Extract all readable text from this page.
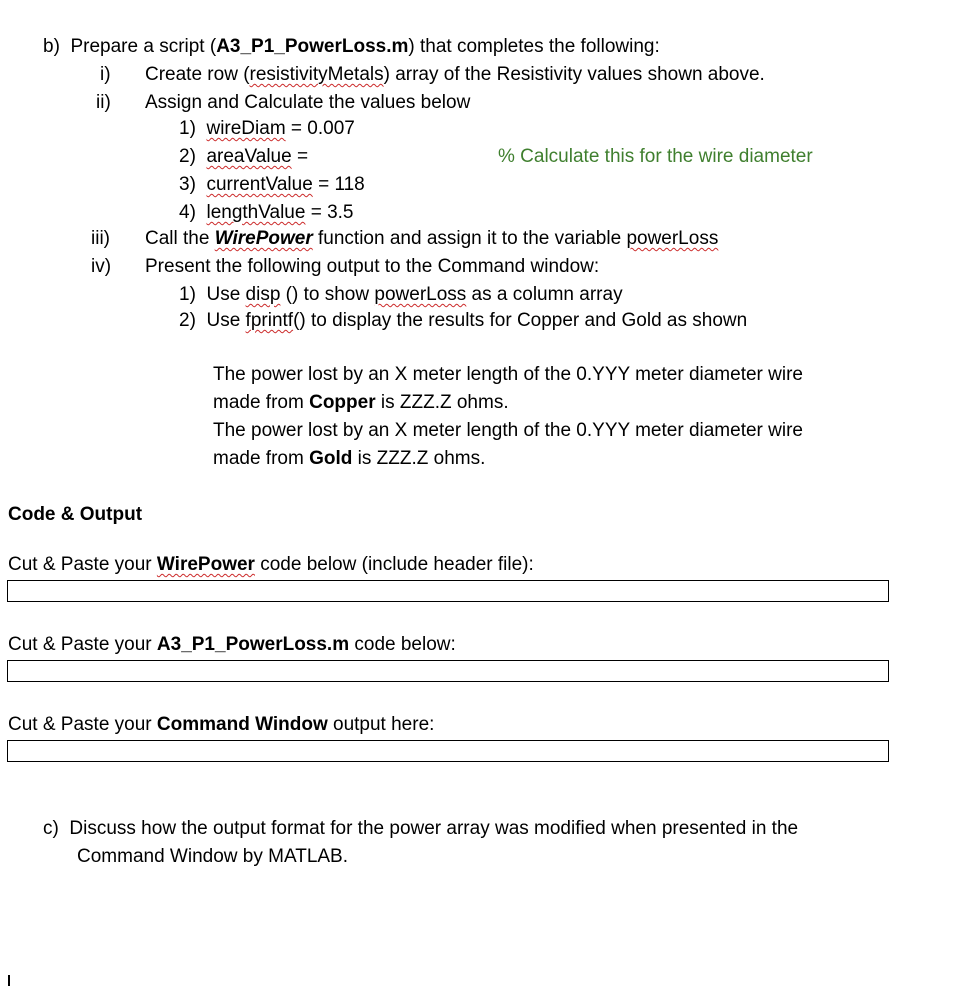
b) Prepare a script (A3_P1_PowerLoss.m) that completes the following:
i) Create row (resistivityMetals) array of the Resistivity values shown above.
ii) Assign and Calculate the values below
1) wireDiam = 0.007
2) areaValue =	% Calculate this for the wire diameter
3) currentValue = 118
4) lengthValue = 3.5
iii) Call the WirePower function and assign it to the variable powerLoss
iv) Present the following output to the Command window:
1) Use disp () to show powerLoss as a column array
2) Use fprintf() to display the results for Copper and Gold as shown
The power lost by an X meter length of the 0.YYY meter diameter wire
made from Copper is ZZZ.Z ohms.
The power lost by an X meter length of the 0.YYY meter diameter wire
made from Gold is ZZZ.Z ohms.
Code & Output
Cut & Paste your WirePower code below (include header file):
Cut & Paste your A3_P1_PowerLoss.m code below:
Cut & Paste your Command Window output here:
c) Discuss how the output format for the power array was modified when presented in the
Command Window by MATLAB.
